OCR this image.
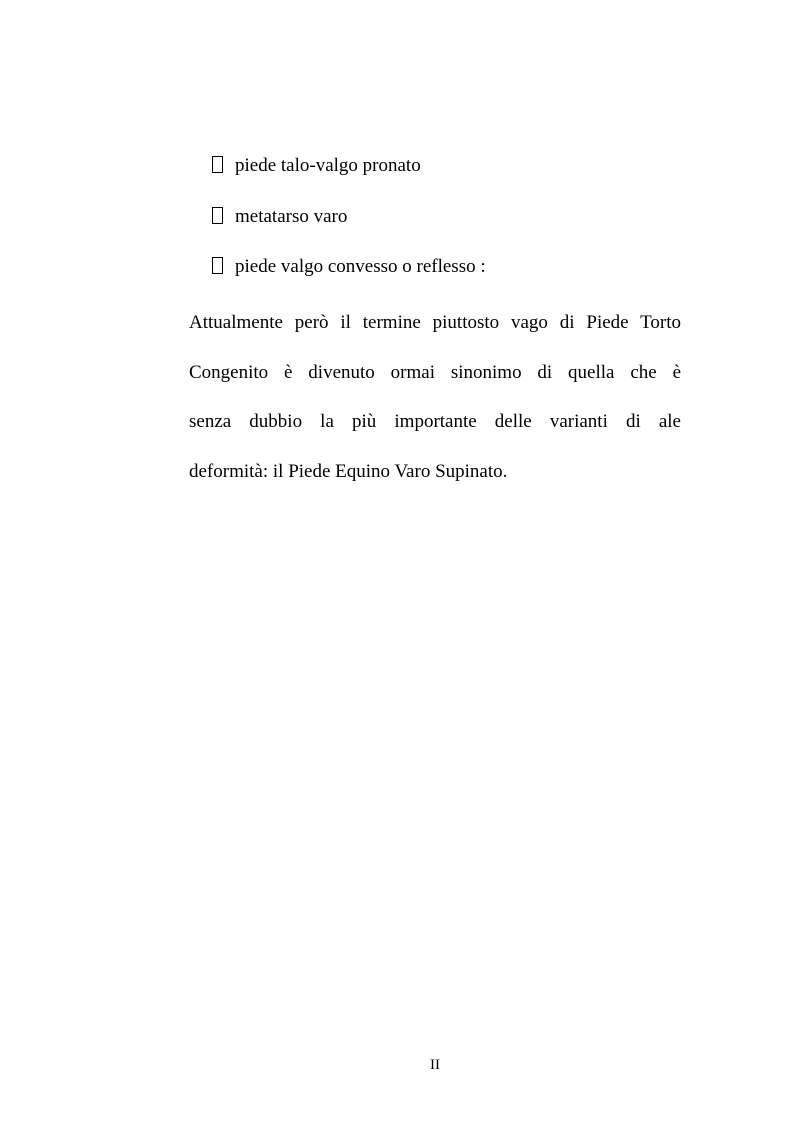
piede talo-valgo pronato
metatarso varo
piede valgo convesso o reflesso :
Attualmente però il termine piuttosto vago di Piede Torto
Congenito è divenuto ormai sinonimo di quella che è
senza dubbio la più importante delle varianti di ale
deformità: il Piede Equino Varo Supinato.
II
